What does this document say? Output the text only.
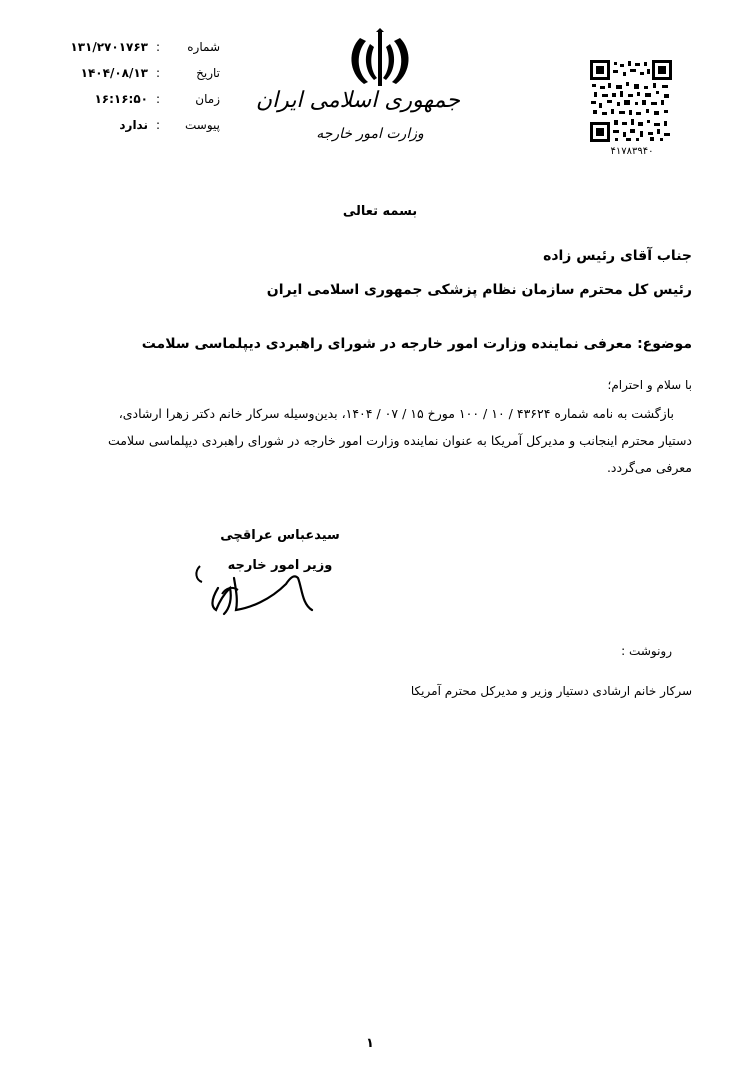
شماره
:
۱۳۱/۲۷۰۱۷۶۳
تاریخ
:
۱۴۰۴/۰۸/۱۳
زمان
:
۱۶:۱۶:۵۰
پیوست
:
ندارد
جمهوری اسلامی ایران
وزارت امور خارجه
۴۱۷۸۳۹۴۰
بسمه تعالی
جناب آقای رئیس زاده
رئیس کل محترم سازمان نظام پزشکی جمهوری اسلامی ایران
موضوع: معرفی نماینده وزارت امور خارجه در شورای راهبردی دیپلماسی سلامت
با سلام و احترام؛
بازگشت به نامه شماره ۴۳۶۲۴ / ۱۰ / ۱۰۰ مورخ ۱۵ / ۰۷ / ۱۴۰۴، بدین‌وسیله سرکار خانم دکتر زهرا ارشادی،
دستیار محترم اینجانب و مدیرکل آمریکا به عنوان نماینده وزارت امور خارجه در شورای راهبردی دیپلماسی سلامت
معرفی می‌گردد.
سیدعباس عراقچی
وزیر امور خارجه
رونوشت :
سرکار خانم ارشادی دستیار وزیر و مدیرکل محترم آمریکا
۱
